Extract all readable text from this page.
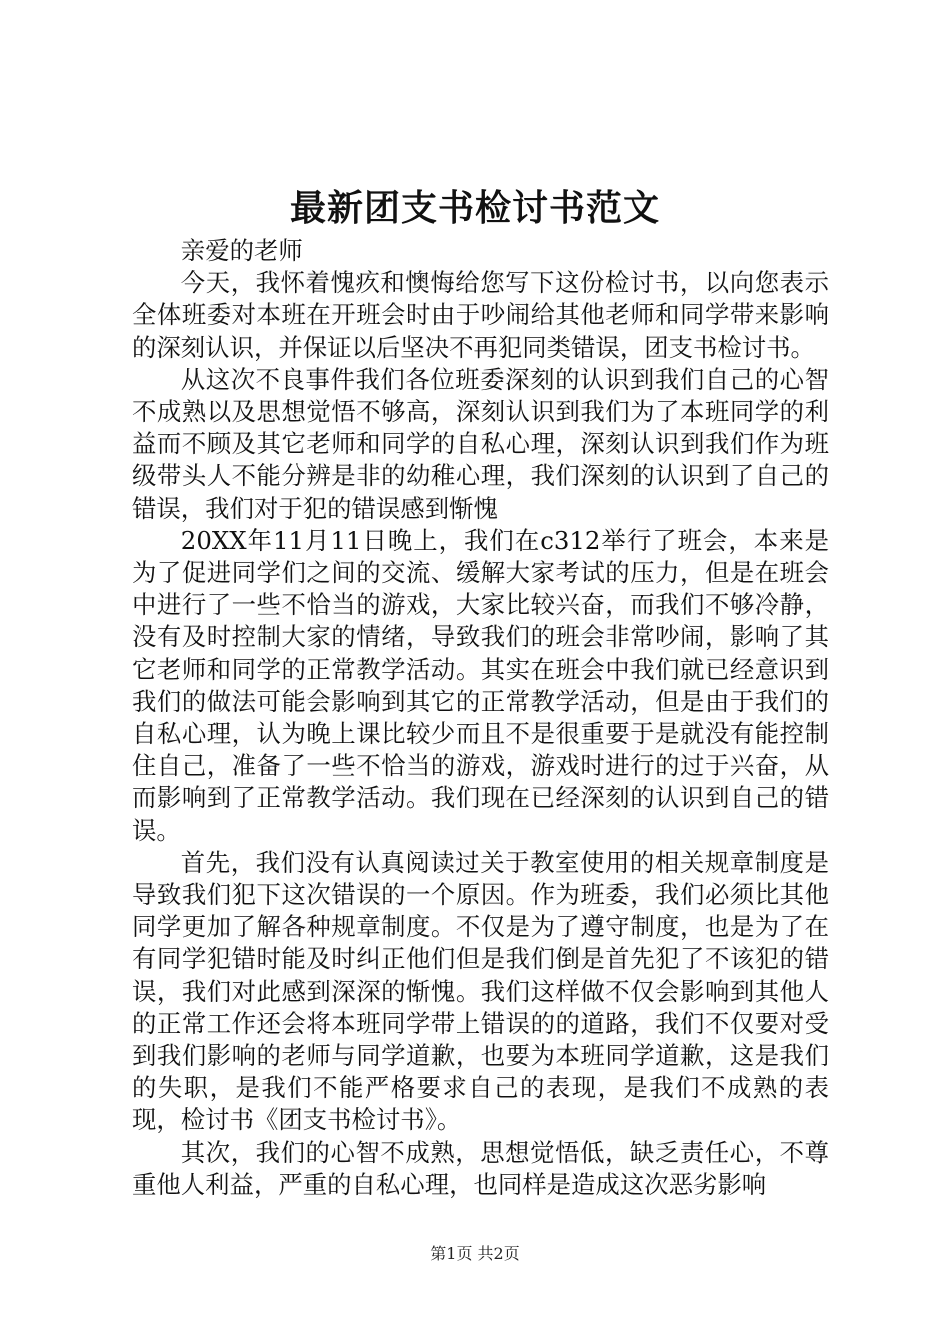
最新团支书检讨书范文

亲爱的老师

今天，我怀着愧疚和懊悔给您写下这份检讨书，以向您表示全体班委对本班在开班会时由于吵闹给其他老师和同学带来影响的深刻认识，并保证以后坚决不再犯同类错误，团支书检讨书。

从这次不良事件我们各位班委深刻的认识到我们自己的心智不成熟以及思想觉悟不够高，深刻认识到我们为了本班同学的利益而不顾及其它老师和同学的自私心理，深刻认识到我们作为班级带头人不能分辨是非的幼稚心理，我们深刻的认识到了自己的错误，我们对于犯的错误感到惭愧

20XX年11月11日晚上，我们在c312举行了班会，本来是为了促进同学们之间的交流、缓解大家考试的压力，但是在班会中进行了一些不恰当的游戏，大家比较兴奋，而我们不够冷静，没有及时控制大家的情绪，导致我们的班会非常吵闹，影响了其它老师和同学的正常教学活动。其实在班会中我们就已经意识到我们的做法可能会影响到其它的正常教学活动，但是由于我们的自私心理，认为晚上课比较少而且不是很重要于是就没有能控制住自己，准备了一些不恰当的游戏，游戏时进行的过于兴奋，从而影响到了正常教学活动。我们现在已经深刻的认识到自己的错误。

首先，我们没有认真阅读过关于教室使用的相关规章制度是导致我们犯下这次错误的一个原因。作为班委，我们必须比其他同学更加了解各种规章制度。不仅是为了遵守制度，也是为了在有同学犯错时能及时纠正他们但是我们倒是首先犯了不该犯的错误，我们对此感到深深的惭愧。我们这样做不仅会影响到其他人的正常工作还会将本班同学带上错误的的道路，我们不仅要对受到我们影响的老师与同学道歉，也要为本班同学道歉，这是我们的失职，是我们不能严格要求自己的表现，是我们不成熟的表现，检讨书《团支书检讨书》。

其次，我们的心智不成熟，思想觉悟低，缺乏责任心，不尊重他人利益，严重的自私心理，也同样是造成这次恶劣影响

第1页 共2页
